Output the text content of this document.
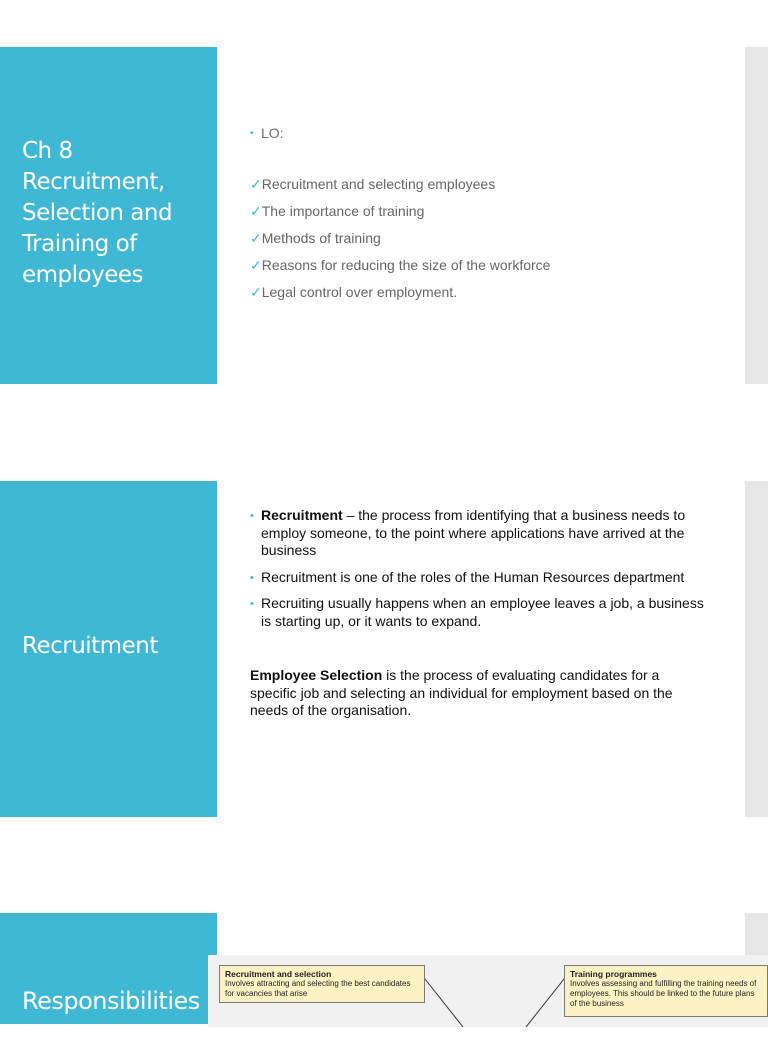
Ch 8
Recruitment,
Selection and
Training of
employees
• LO:
✓Recruitment and selecting employees
✓The importance of training
✓Methods of training
✓Reasons for reducing the size of the workforce
✓Legal control over employment.
Recruitment
• Recruitment – the process from identifying that a business needs to employ someone, to the point where applications have arrived at the business
• Recruitment is one of the roles of the Human Resources department
• Recruiting usually happens when an employee leaves a job, a business is starting up, or it wants to expand.
Employee Selection is the process of evaluating candidates for a specific job and selecting an individual for employment based on the needs of the organisation.
Responsibilities
o
Recruitment and selection
Involves attracting and selecting the best candidates for vacancies that arise
Training programmes
Involves assessing and fulfilling the training needs of employees. This should be linked to the future plans of the business
